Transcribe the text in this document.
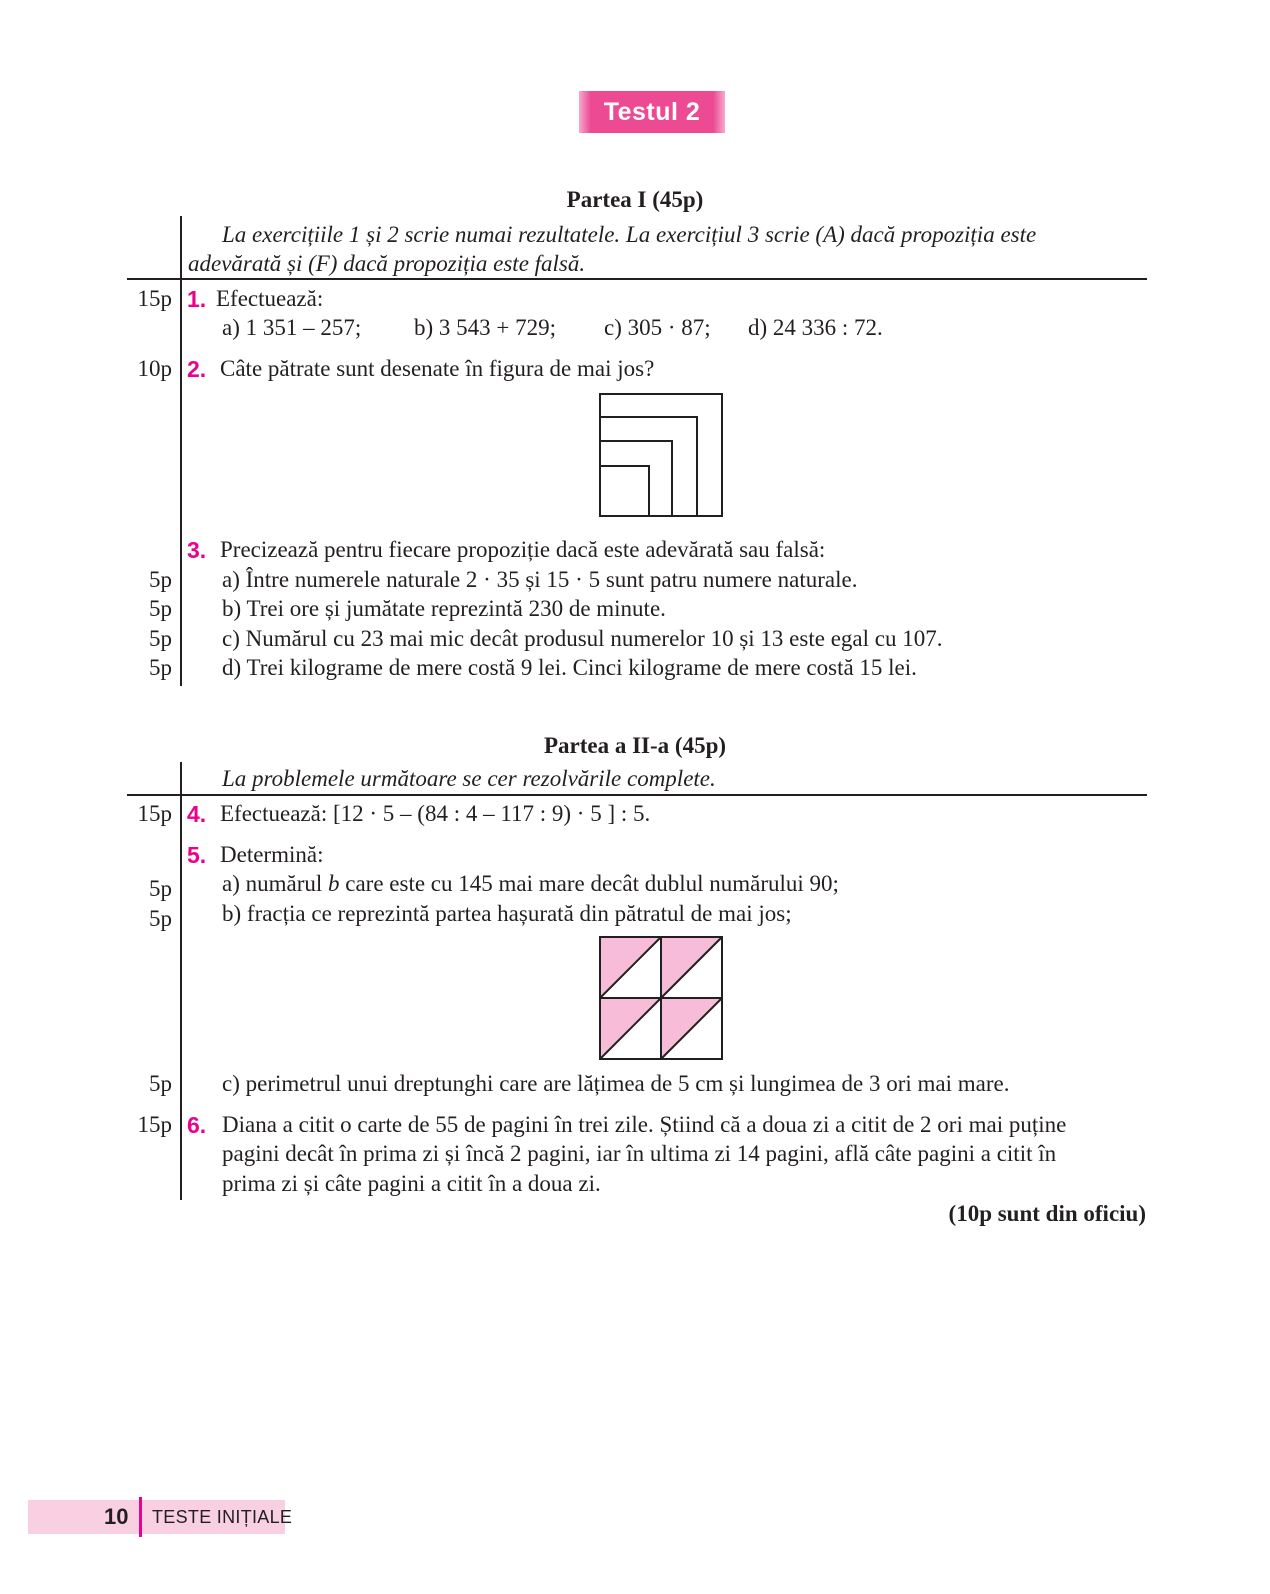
Testul 2
Partea I (45p)
La exercițiile 1 și 2 scrie numai rezultatele. La exercițiul 3 scrie (A) dacă propoziția este
adevărată și (F) dacă propoziția este falsă.
15p 1. Efectuează:
a) 1 351 – 257; b) 3 543 + 729; c) 305 · 87; d) 24 336 : 72.
10p 2. Câte pătrate sunt desenate în figura de mai jos?
3. Precizează pentru fiecare propoziție dacă este adevărată sau falsă:
5p a) Între numerele naturale 2 · 35 și 15 · 5 sunt patru numere naturale.
5p b) Trei ore și jumătate reprezintă 230 de minute.
5p c) Numărul cu 23 mai mic decât produsul numerelor 10 și 13 este egal cu 107.
5p d) Trei kilograme de mere costă 9 lei. Cinci kilograme de mere costă 15 lei.
Partea a II-a (45p)
La problemele următoare se cer rezolvările complete.
15p 4. Efectuează: [12 · 5 – (84 : 4 – 117 : 9) · 5 ] : 5.
5. Determină:
5p a) numărul b care este cu 145 mai mare decât dublul numărului 90;
5p b) fracția ce reprezintă partea hașurată din pătratul de mai jos;
5p c) perimetrul unui dreptunghi care are lățimea de 5 cm și lungimea de 3 ori mai mare.
15p 6. Diana a citit o carte de 55 de pagini în trei zile. Știind că a doua zi a citit de 2 ori mai puține
pagini decât în prima zi și încă 2 pagini, iar în ultima zi 14 pagini, află câte pagini a citit în
prima zi și câte pagini a citit în a doua zi.
(10p sunt din oficiu)
10 TESTE INIȚIALE
